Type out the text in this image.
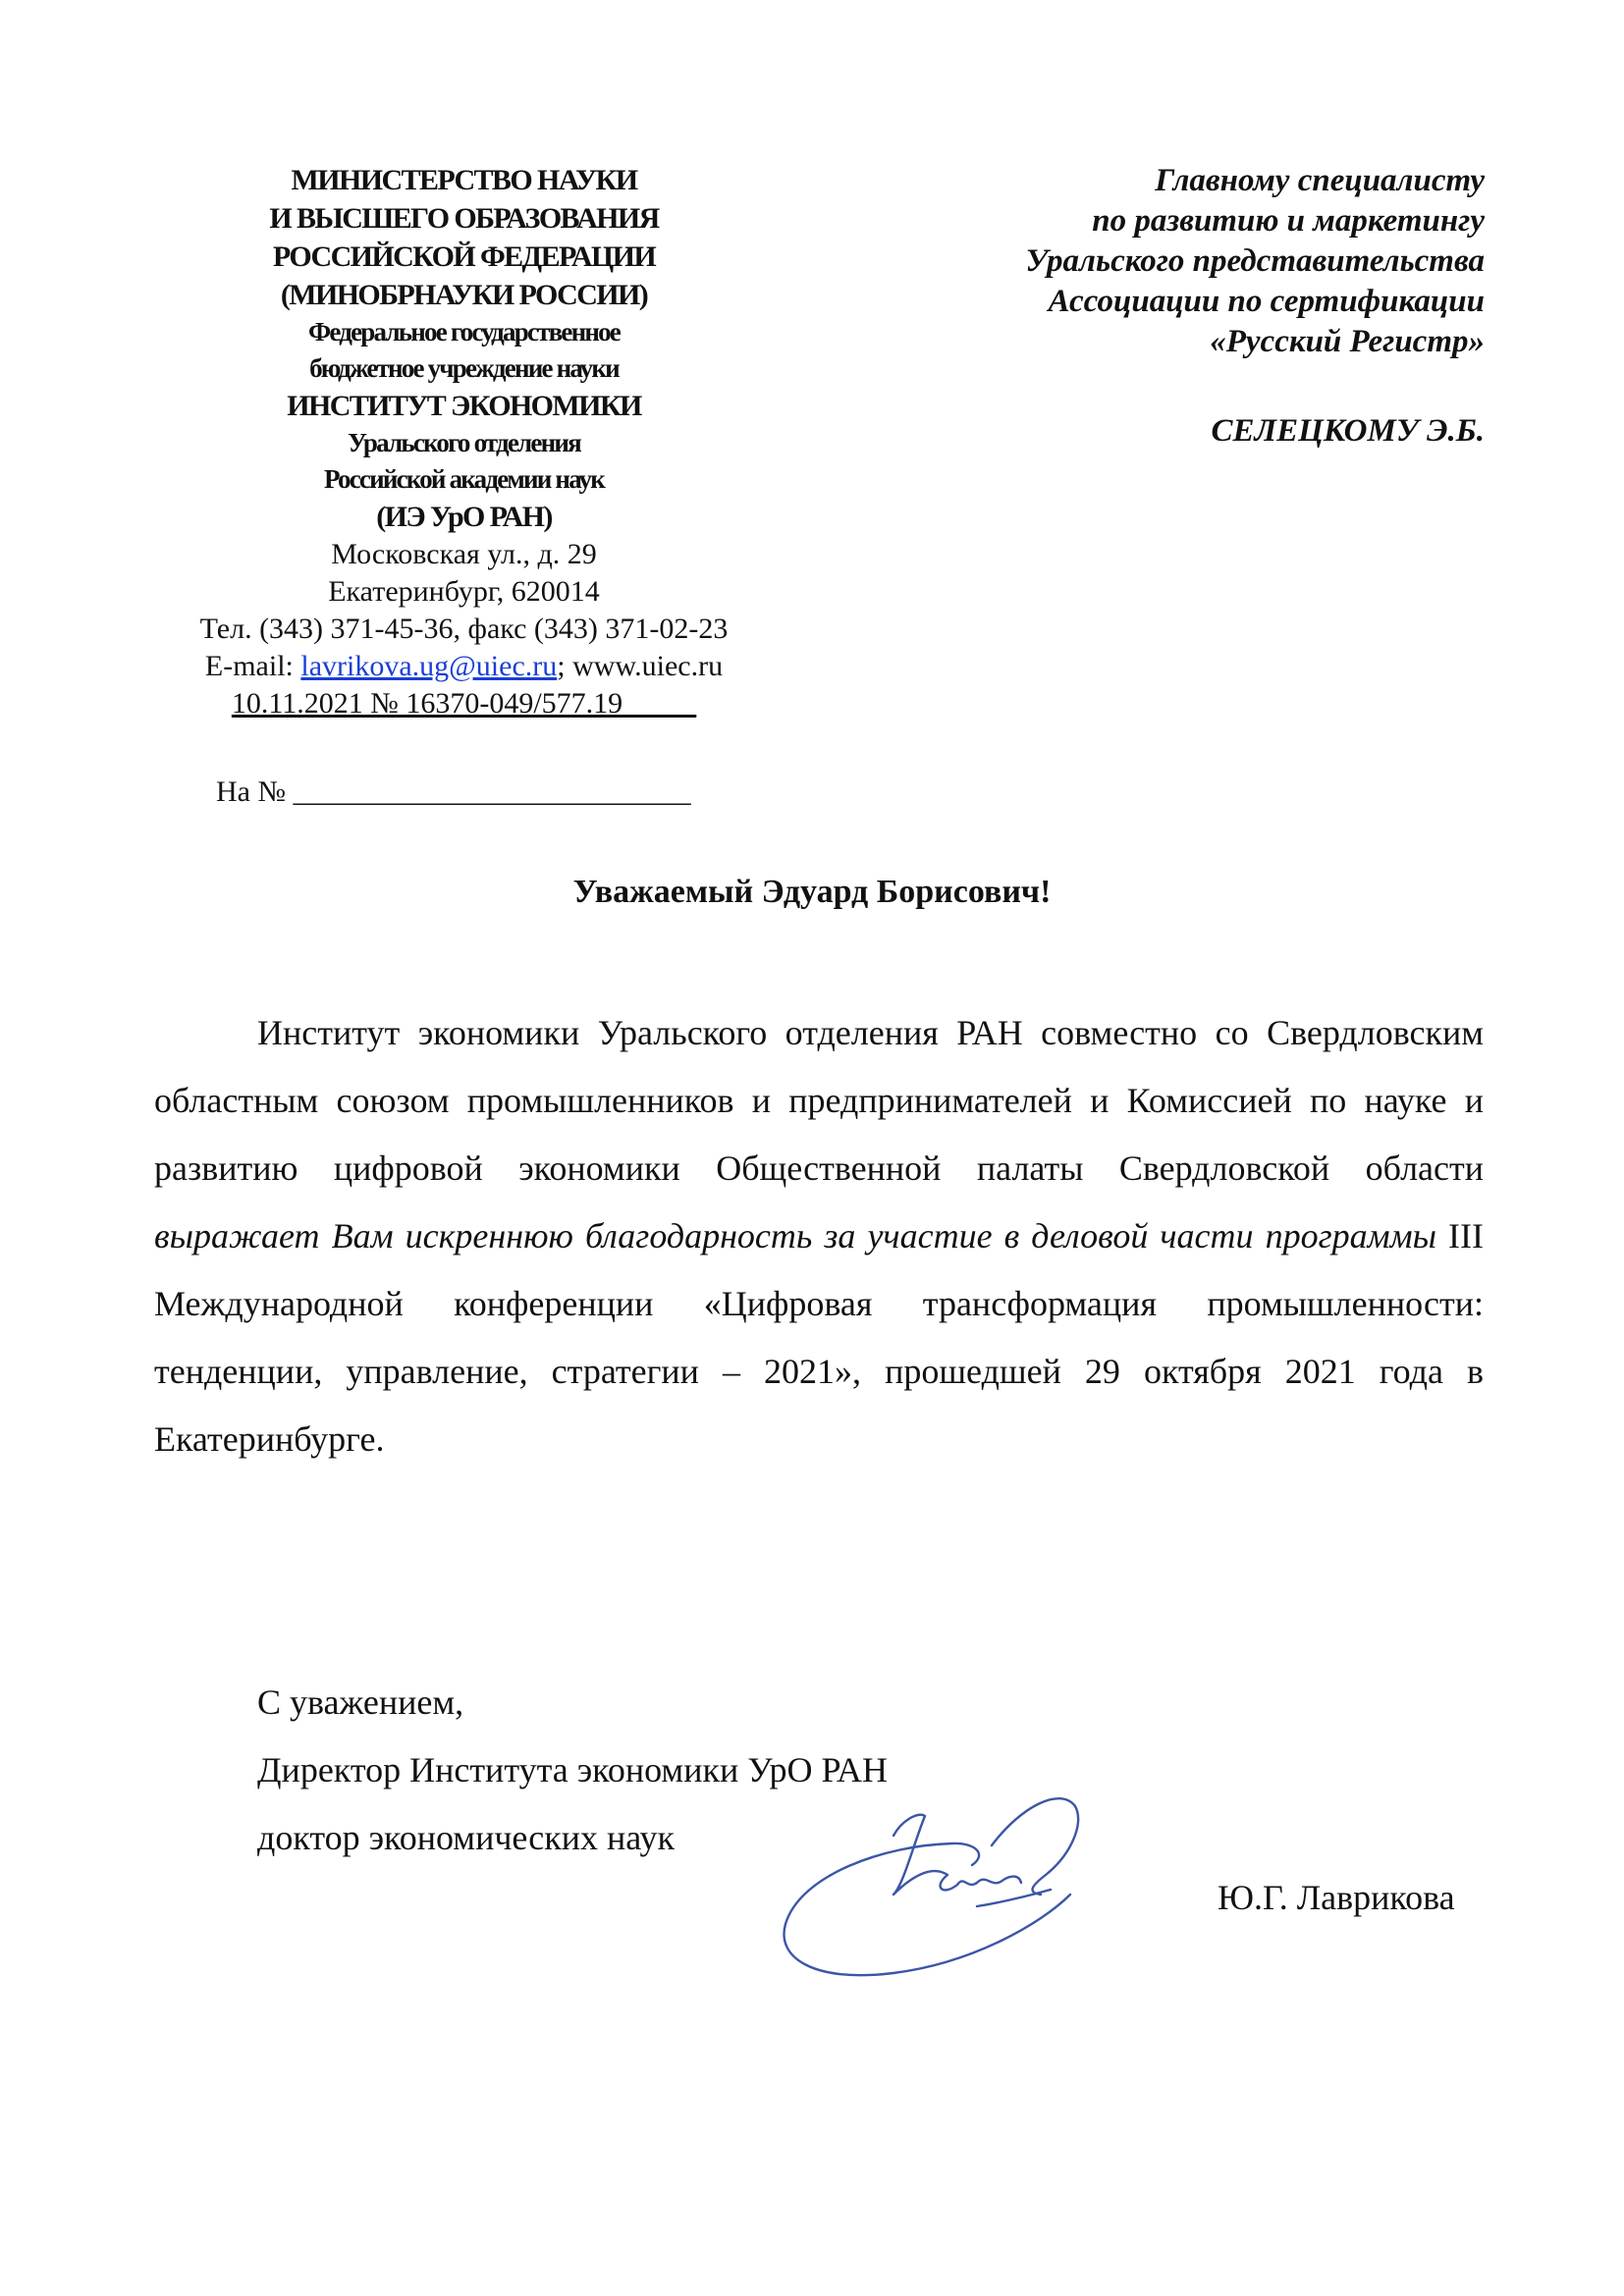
МИНИСТЕРСТВО НАУКИ
И ВЫСШЕГО ОБРАЗОВАНИЯ
РОССИЙСКОЙ ФЕДЕРАЦИИ
(МИНОБРНАУКИ РОССИИ)
Федеральное государственное
бюджетное учреждение науки
ИНСТИТУТ ЭКОНОМИКИ
Уральского отделения
Российской академии наук
(ИЭ УрО РАН)
Московская ул., д. 29
Екатеринбург, 620014
Тел. (343) 371-45-36, факс (343) 371-02-23
E-mail: lavrikova.ug@uiec.ru; www.uiec.ru
10.11.2021 № 16370-049/577.19_____
На № ___________________________
Главному специалисту
по развитию и маркетингу
Уральского представительства
Ассоциации по сертификации
«Русский Регистр»
СЕЛЕЦКОМУ Э.Б.
Уважаемый Эдуард Борисович!
Институт экономики Уральского отделения РАН совместно со Свердловским областным союзом промышленников и предпринимателей и Комиссией по науке и развитию цифровой экономики Общественной палаты Свердловской области выражает Вам искреннюю благодарность за участие в деловой части программы III Международной конференции «Цифровая трансформация промышленности: тенденции, управление, стратегии – 2021», прошедшей 29 октября 2021 года в Екатеринбурге.
С уважением,
Директор Института экономики УрО РАН
доктор экономических наук
Ю.Г. Лаврикова
